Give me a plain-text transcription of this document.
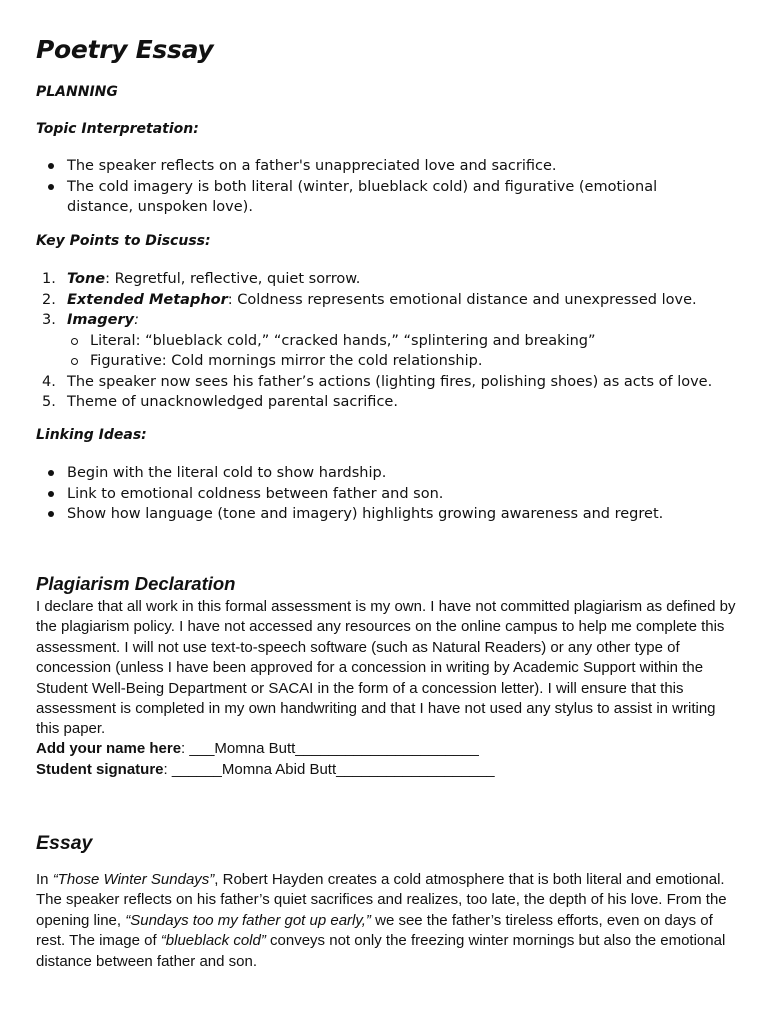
Poetry Essay

PLANNING

Topic Interpretation:

The speaker reflects on a father's unappreciated love and sacrifice.
The cold imagery is both literal (winter, blueblack cold) and figurative (emotional distance, unspoken love).

Key Points to Discuss:

1. Tone: Regretful, reflective, quiet sorrow.
2. Extended Metaphor: Coldness represents emotional distance and unexpressed love.
3. Imagery:
Literal: “blueblack cold,” “cracked hands,” “splintering and breaking”
Figurative: Cold mornings mirror the cold relationship.
4. The speaker now sees his father’s actions (lighting fires, polishing shoes) as acts of love.
5. Theme of unacknowledged parental sacrifice.

Linking Ideas:

Begin with the literal cold to show hardship.
Link to emotional coldness between father and son.
Show how language (tone and imagery) highlights growing awareness and regret.
Plagiarism Declaration

I declare that all work in this formal assessment is my own. I have not committed plagiarism as defined by the plagiarism policy. I have not accessed any resources on the online campus to help me complete this assessment. I will not use text-to-speech software (such as Natural Readers) or any other type of concession (unless I have been approved for a concession in writing by Academic Support within the Student Well-Being Department or SACAI in the form of a concession letter). I will ensure that this assessment is completed in my own handwriting and that I have not used any stylus to assist in writing this paper.

Add your name here: ___Momna Butt______________________

Student signature: ______Momna Abid Butt___________________

Essay

In “Those Winter Sundays”, Robert Hayden creates a cold atmosphere that is both literal and emotional. The speaker reflects on his father’s quiet sacrifices and realizes, too late, the depth of his love. From the opening line, “Sundays too my father got up early,” we see the father’s tireless efforts, even on days of rest. The image of “blueblack cold” conveys not only the freezing winter mornings but also the emotional distance between father and son.
